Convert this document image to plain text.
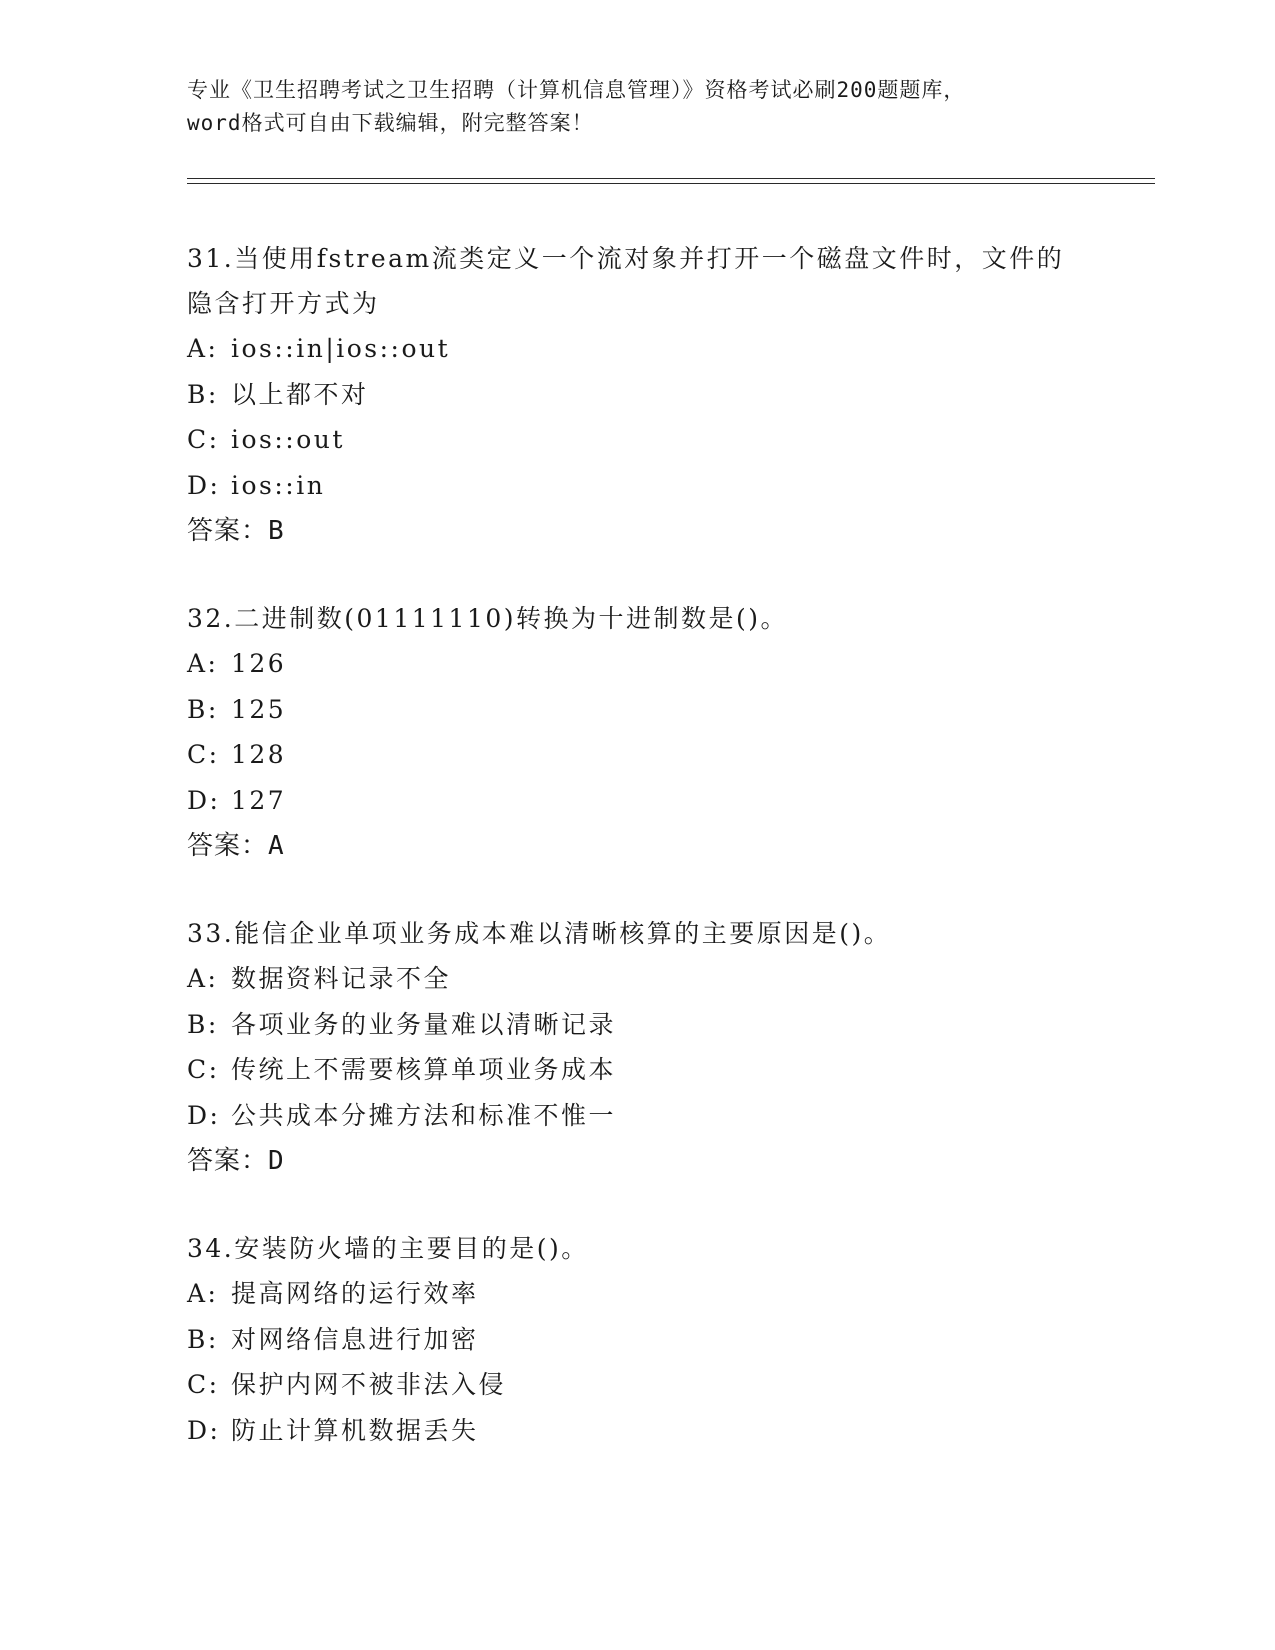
专业《卫生招聘考试之卫生招聘（计算机信息管理）》资格考试必刷200题题库，
word格式可自由下载编辑，附完整答案！
31.当使用fstream流类定义一个流对象并打开一个磁盘文件时，文件的隐含打开方式为
A: ios::in|ios::out
B: 以上都不对
C: ios::out
D: ios::in
答案：B
32.二进制数(01111110)转换为十进制数是()。
A: 126
B: 125
C: 128
D: 127
答案：A
33.能信企业单项业务成本难以清晰核算的主要原因是()。
A: 数据资料记录不全
B: 各项业务的业务量难以清晰记录
C: 传统上不需要核算单项业务成本
D: 公共成本分摊方法和标准不惟一
答案：D
34.安装防火墙的主要目的是()。
A: 提高网络的运行效率
B: 对网络信息进行加密
C: 保护内网不被非法入侵
D: 防止计算机数据丢失
